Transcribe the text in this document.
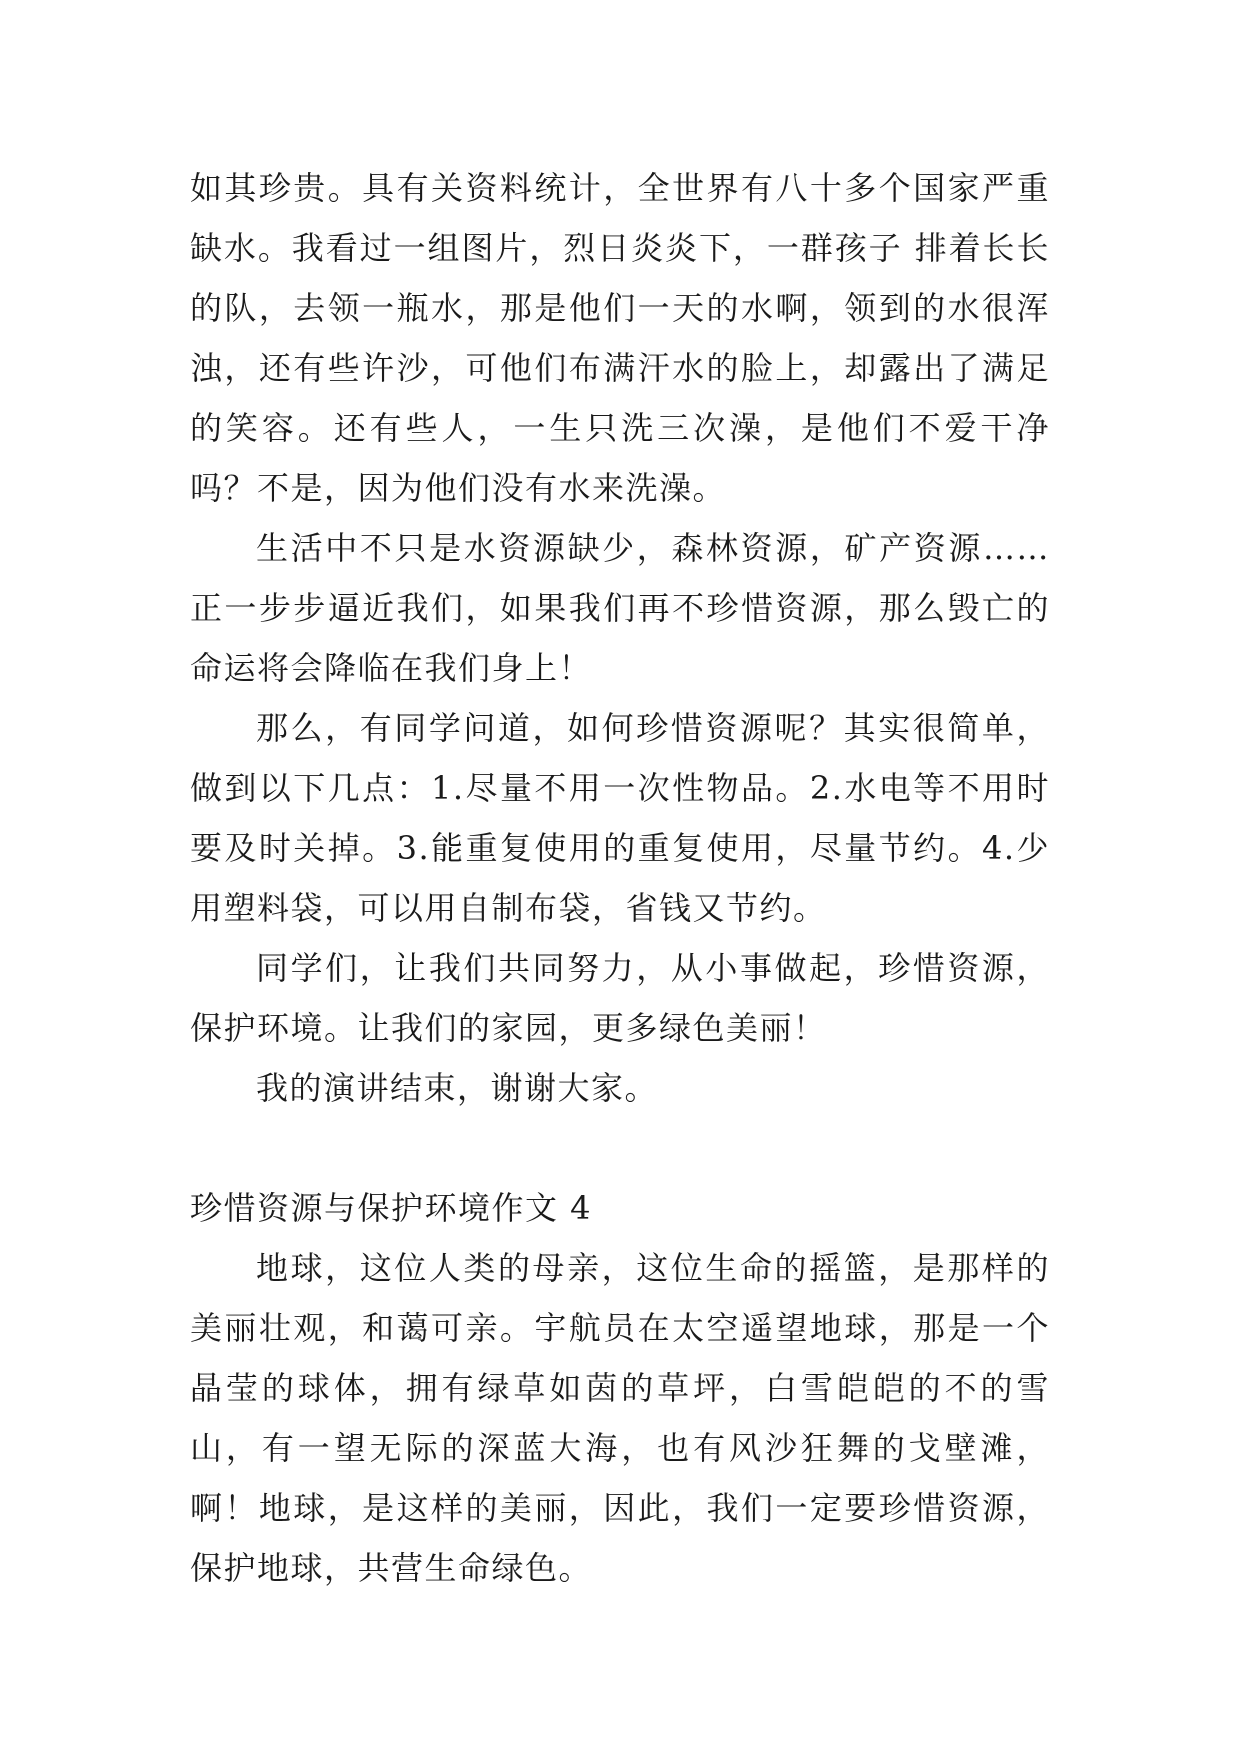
如其珍贵。具有关资料统计，全世界有八十多个国家严重缺水。我看过一组图片，烈日炎炎下，一群孩子 排着长长的队，去领一瓶水，那是他们一天的水啊，领到的水很浑浊，还有些许沙，可他们布满汗水的脸上，却露出了满足的笑容。还有些人，一生只洗三次澡，是他们不爱干净吗？不是，因为他们没有水来洗澡。

生活中不只是水资源缺少，森林资源，矿产资源……正一步步逼近我们，如果我们再不珍惜资源，那么毁亡的命运将会降临在我们身上！

那么，有同学问道，如何珍惜资源呢？其实很简单，做到以下几点：1.尽量不用一次性物品。2.水电等不用时要及时关掉。3.能重复使用的重复使用，尽量节约。4.少用塑料袋，可以用自制布袋，省钱又节约。

同学们，让我们共同努力，从小事做起，珍惜资源，保护环境。让我们的家园，更多绿色美丽！

我的演讲结束，谢谢大家。

珍惜资源与保护环境作文 4

地球，这位人类的母亲，这位生命的摇篮，是那样的美丽壮观，和蔼可亲。宇航员在太空遥望地球，那是一个晶莹的球体，拥有绿草如茵的草坪，白雪皑皑的不的雪山，有一望无际的深蓝大海，也有风沙狂舞的戈壁滩，啊！地球，是这样的美丽，因此，我们一定要珍惜资源，保护地球，共营生命绿色。
